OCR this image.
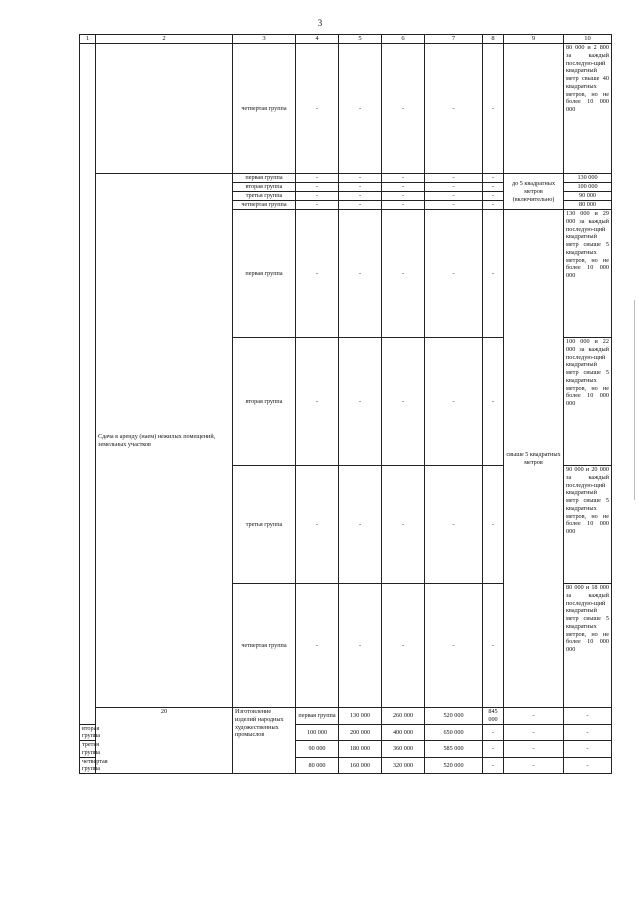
3
1	2	3	4	5	6	7	8	9	10	
		четвертая группа	-	-	-	-	-		80 000 и 2 800 за каждый последую-щий квадратный метр свыше 40 квадратных метров, но не более 10 000 000	
	Сдача в аренду (наем) нежилых помещений, земельных участков	первая группа	-	-	-	-	-	до 5 квадратных метров (включительно)	130 000	
		вторая группа	-	-	-	-	-		100 000	
		третья группа	-	-	-	-	-		90 000	
		четвертая группа	-	-	-	-	-		80 000	
		первая группа	-	-	-	-	-	свыше 5 квадратных метров	130 000 и 29 000 за каждый последую-щий квадратный метр свыше 5 квадратных метров, но не более 10 000 000	
		вторая группа	-	-	-	-	-		100 000 и 22 000 за каждый последую-щий квадратный метр свыше 5 квадратных метров, но не более 10 000 000	
		третья группа	-	-	-	-	-		90 000 и 20 000 за каждый последую-щий квадратный метр свыше 5 квадратных метров, но не более 10 000 000	
		четвертая группа	-	-	-	-	-		80 000 и 18 000 за каждый последую-щий квадратный метр свыше 5 квадратных метров, но не более 10 000 000	
	20	Изготовление изделий народных художественных промыслов	первая группа	130 000	260 000	520 000	845 000	-	-	
вторая группа			100 000	200 000	400 000	650 000	-	-	-	
третья группа			90 000	180 000	360 000	585 000	-	-	-	
четвертая группа			80 000	160 000	320 000	520 000	-	-	-	
